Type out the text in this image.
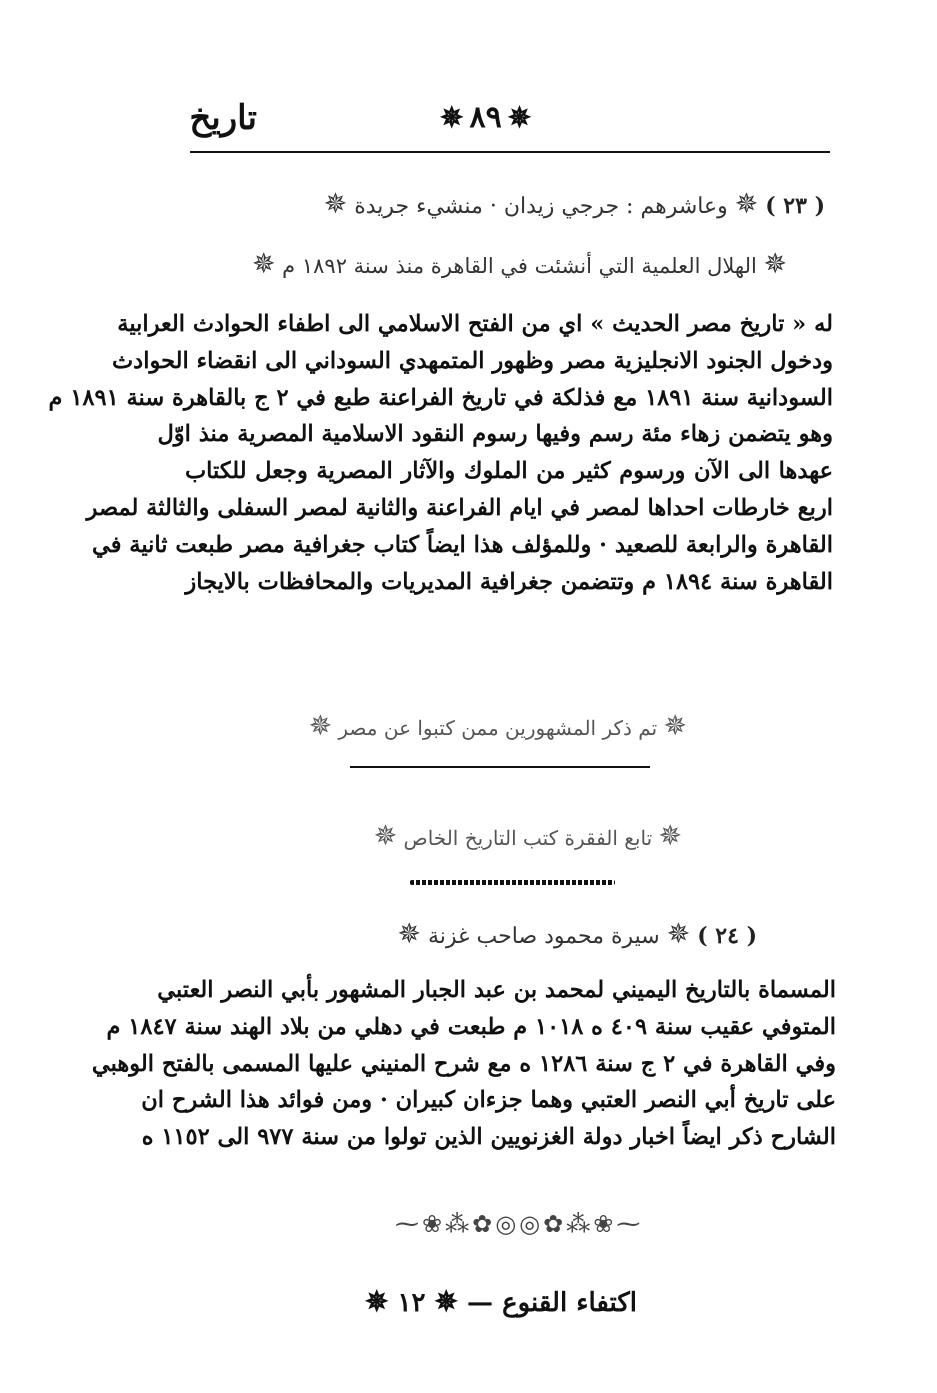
تاريخ	✵ ٨٩ ✵
( ٢٣ ) ✵ وعاشرهم : جرجي زيدان · منشيء جريدة ✵
✵ الهلال العلمية التي أنشئت في القاهرة منذ سنة ١٨٩٢ م ✵
له « تاريخ مصر الحديث » اي من الفتح الاسلامي الى اطفاء الحوادث العرابية
ودخول الجنود الانجليزية مصر وظهور المتمهدي السوداني الى انقضاء الحوادث
السودانية سنة ١٨٩١ مع فذلكة في تاريخ الفراعنة طبع في ٢ ج بالقاهرة سنة ١٨٩١ م
وهو يتضمن زهاء مئة رسم وفيها رسوم النقود الاسلامية المصرية منذ اوّل
عهدها الى الآن ورسوم كثير من الملوك والآثار المصرية وجعل للكتاب
اربع خارطات احداها لمصر في ايام الفراعنة والثانية لمصر السفلى والثالثة لمصر
القاهرة والرابعة للصعيد · وللمؤلف هذا ايضاً كتاب جغرافية مصر طبعت ثانية في
القاهرة سنة ١٨٩٤ م وتتضمن جغرافية المديريات والمحافظات بالايجاز
✵ تم ذكر المشهورين ممن كتبوا عن مصر ✵
✵ تابع الفقرة كتب التاريخ الخاص ✵
( ٢٤ ) ✵ سيرة محمود صاحب غزنة ✵
المسماة بالتاريخ اليميني لمحمد بن عبد الجبار المشهور بأبي النصر العتبي
المتوفي عقيب سنة ٤٠٩ ه ١٠١٨ م طبعت في دهلي من بلاد الهند سنة ١٨٤٧ م
وفي القاهرة في ٢ ج سنة ١٢٨٦ ه مع شرح المنيني عليها المسمى بالفتح الوهبي
على تاريخ أبي النصر العتبي وهما جزءان كبيران · ومن فوائد هذا الشرح ان
الشارح ذكر ايضاً اخبار دولة الغزنويين الذين تولوا من سنة ٩٧٧ الى ١١٥٢ ه
⁓❀⁂✿◎◎✿⁂❀⁓
اكتفاء القنوع — ✵ ١٢ ✵
